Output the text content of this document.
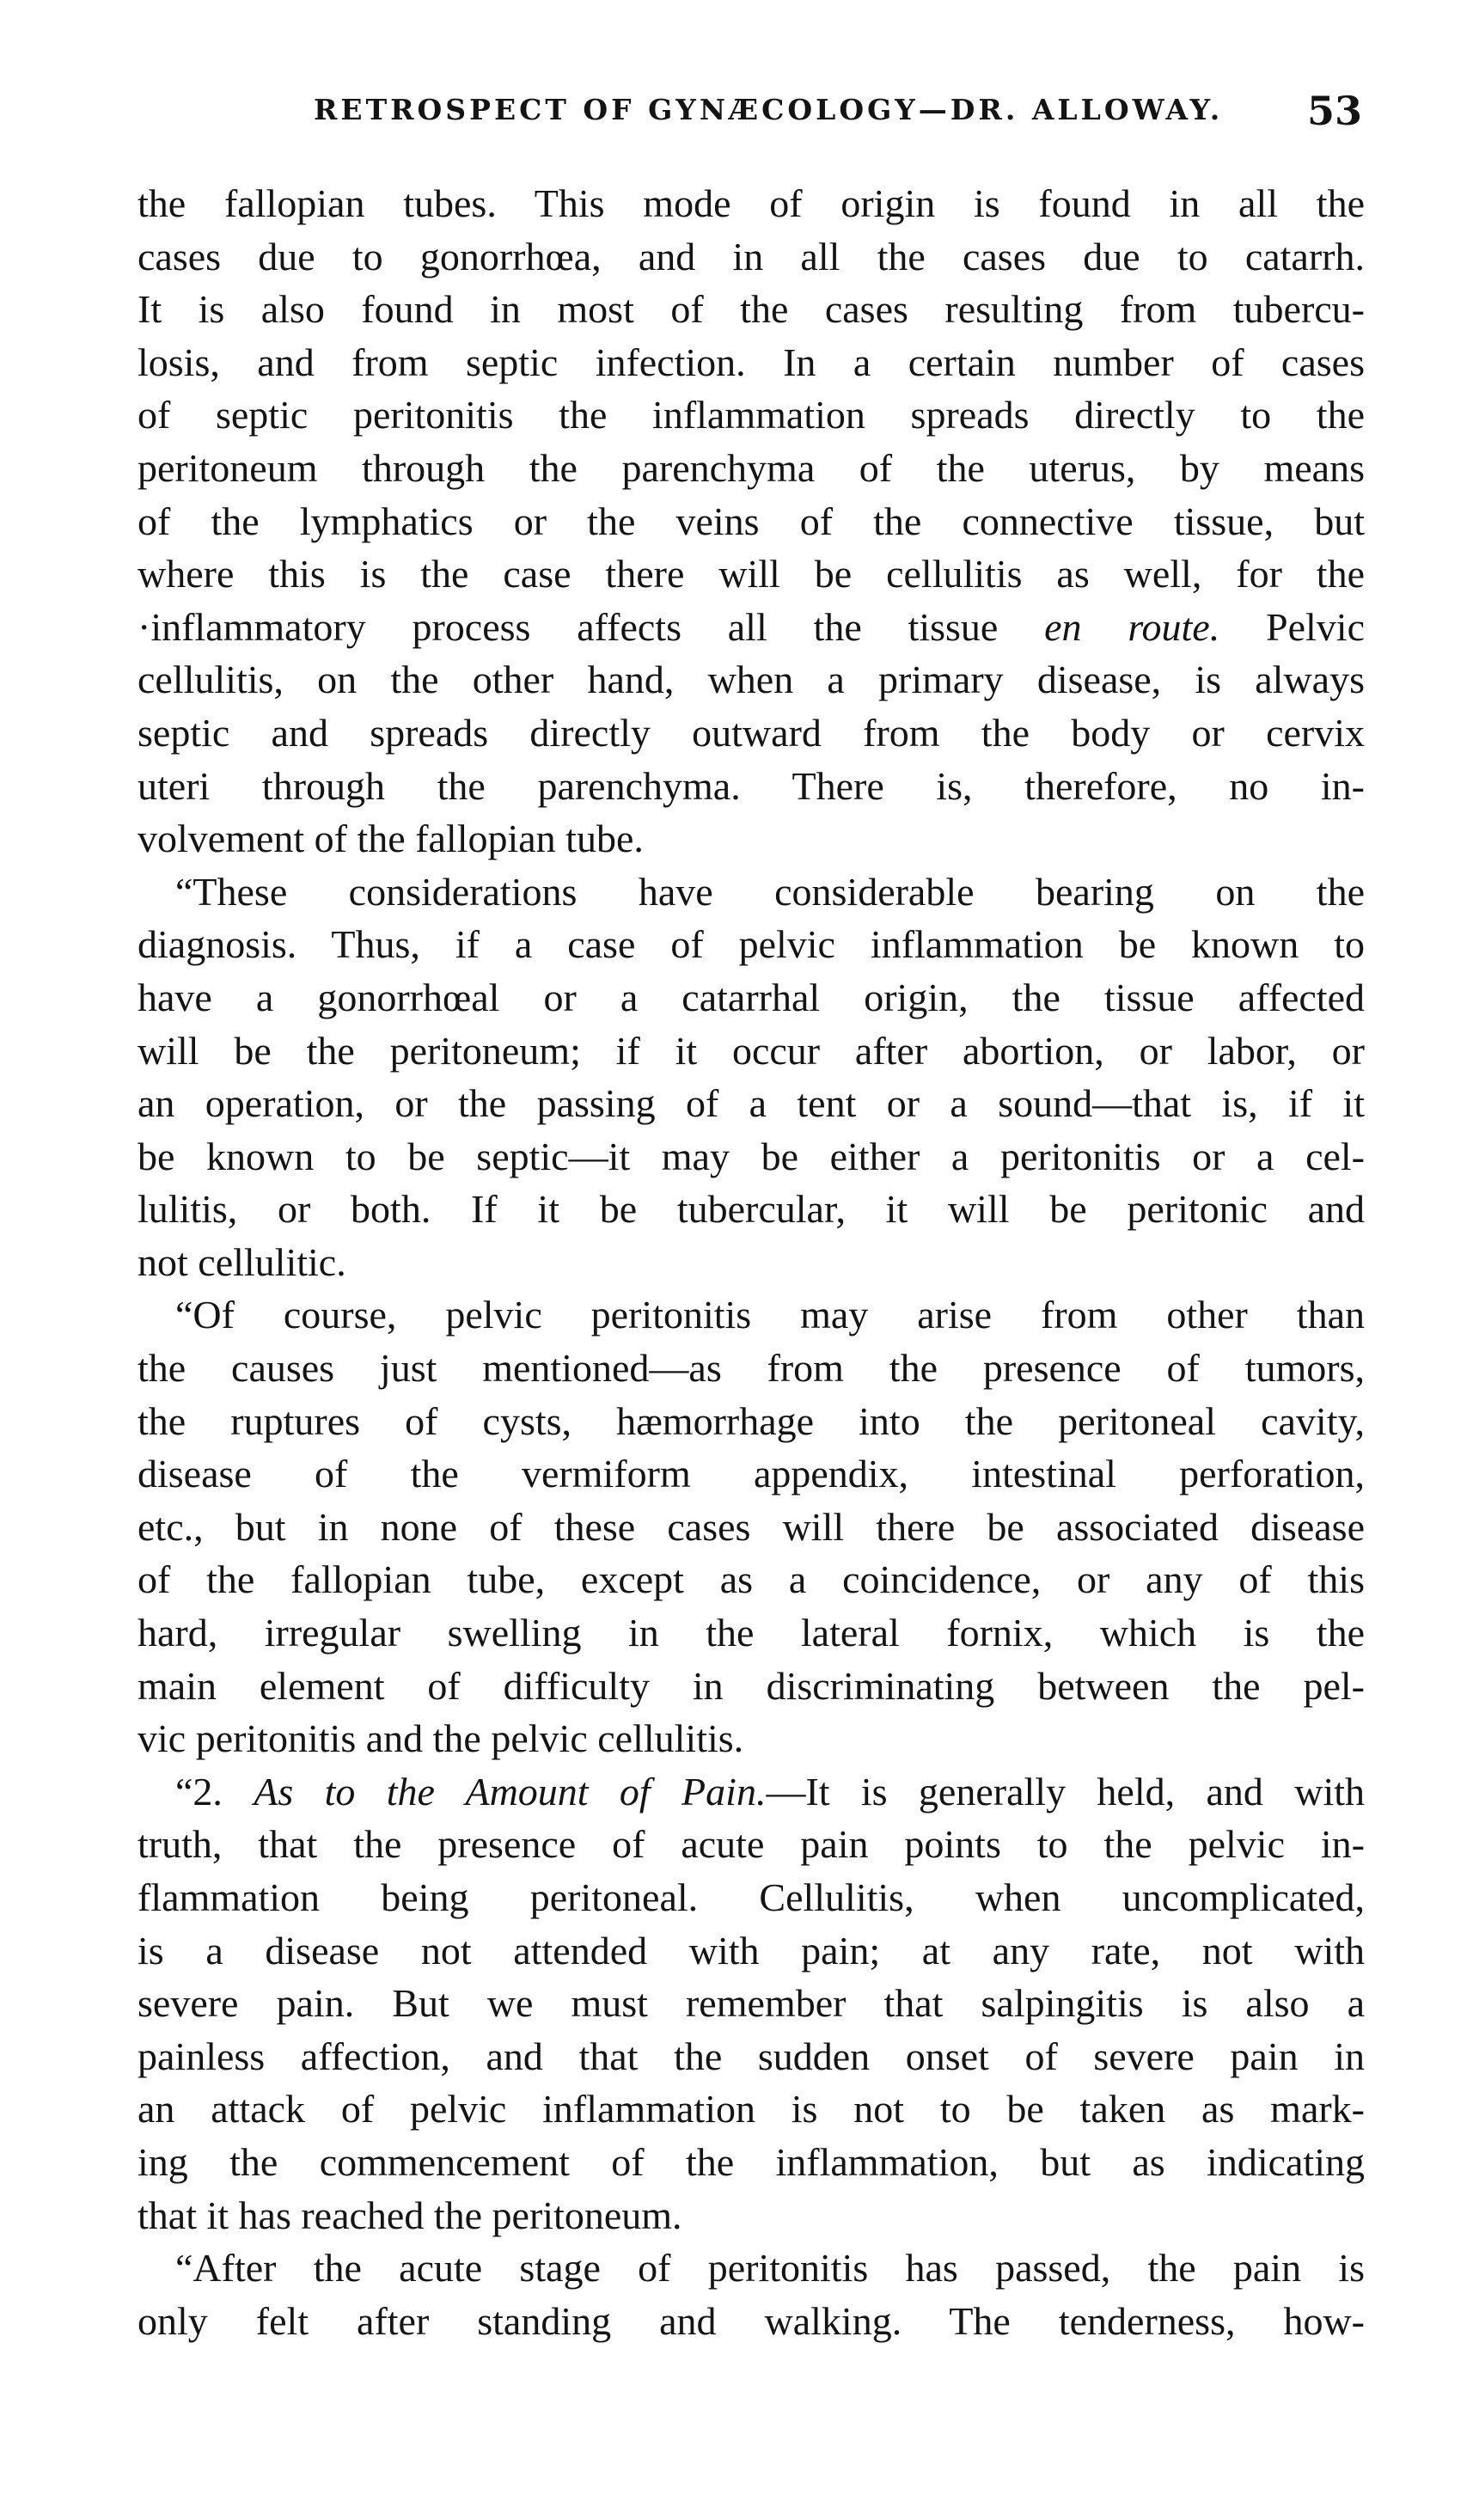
RETROSPECT OF GYNÆCOLOGY—DR. ALLOWAY. 53
the fallopian tubes. This mode of origin is found in all the
cases due to gonorrhœa, and in all the cases due to catarrh.
It is also found in most of the cases resulting from tubercu-
losis, and from septic infection. In a certain number of cases
of septic peritonitis the inflammation spreads directly to the
peritoneum through the parenchyma of the uterus, by means
of the lymphatics or the veins of the connective tissue, but
where this is the case there will be cellulitis as well, for the
·inflammatory process affects all the tissue en route. Pelvic
cellulitis, on the other hand, when a primary disease, is always
septic and spreads directly outward from the body or cervix
uteri through the parenchyma. There is, therefore, no in-
volvement of the fallopian tube.
“These considerations have considerable bearing on the
diagnosis. Thus, if a case of pelvic inflammation be known to
have a gonorrhœal or a catarrhal origin, the tissue affected
will be the peritoneum; if it occur after abortion, or labor, or
an operation, or the passing of a tent or a sound—that is, if it
be known to be septic—it may be either a peritonitis or a cel-
lulitis, or both. If it be tubercular, it will be peritonic and
not cellulitic.
“Of course, pelvic peritonitis may arise from other than
the causes just mentioned—as from the presence of tumors,
the ruptures of cysts, hæmorrhage into the peritoneal cavity,
disease of the vermiform appendix, intestinal perforation,
etc., but in none of these cases will there be associated disease
of the fallopian tube, except as a coincidence, or any of this
hard, irregular swelling in the lateral fornix, which is the
main element of difficulty in discriminating between the pel-
vic peritonitis and the pelvic cellulitis.
“2. As to the Amount of Pain.—It is generally held, and with
truth, that the presence of acute pain points to the pelvic in-
flammation being peritoneal. Cellulitis, when uncomplicated,
is a disease not attended with pain; at any rate, not with
severe pain. But we must remember that salpingitis is also a
painless affection, and that the sudden onset of severe pain in
an attack of pelvic inflammation is not to be taken as mark-
ing the commencement of the inflammation, but as indicating
that it has reached the peritoneum.
“After the acute stage of peritonitis has passed, the pain is
only felt after standing and walking. The tenderness, how-
